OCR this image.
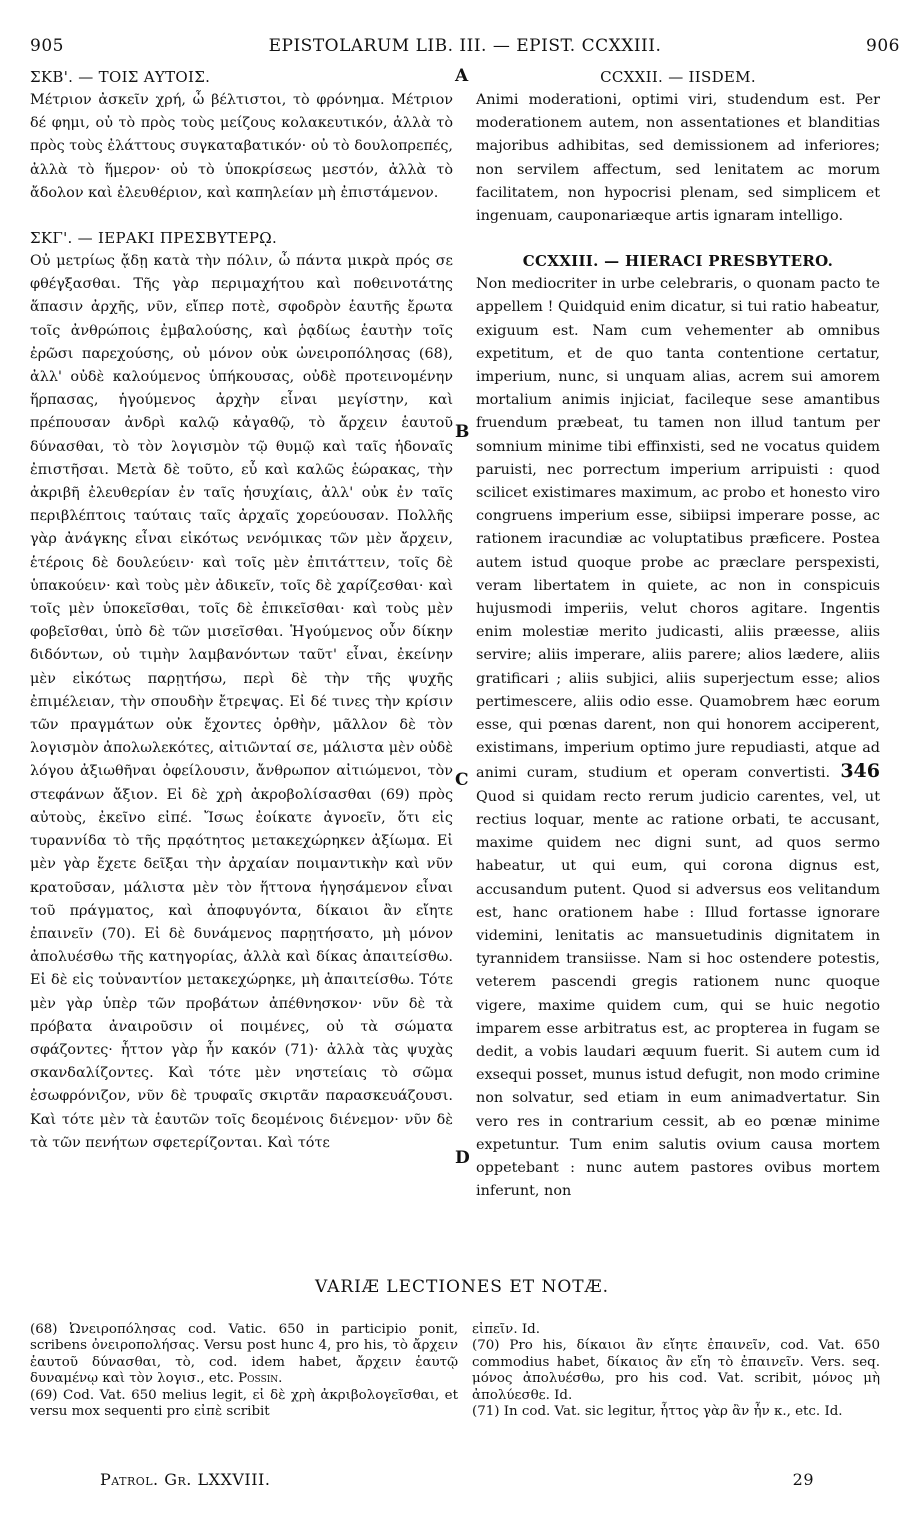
905	EPISTOLARUM LIB. III. — EPIST. CCXXIII.	906

ΣΚΒ'. — ΤΟΙΣ ΑΥΤΟΙΣ.

Μέτριον ἀσκεῖν χρή, ὦ βέλτιστοι, τὸ φρόνημα. Μέτριον δέ φημι, οὐ τὸ πρὸς τοὺς μείζους κολακευτικόν, ἀλλὰ τὸ πρὸς τοὺς ἐλάττους συγκαταβατικόν· οὐ τὸ δουλοπρεπές, ἀλλὰ τὸ ἥμερον· οὐ τὸ ὑποκρίσεως μεστόν, ἀλλὰ τὸ ἄδολον καὶ ἐλευθέριον, καὶ καπηλείαν μὴ ἐπιστάμενον.

ΣΚΓ'. — ΙΕΡΑΚΙ ΠΡΕΣΒΥΤΕΡῼ.

Οὐ μετρίως ᾄδῃ κατὰ τὴν πόλιν, ὦ πάντα μικρὰ πρός σε φθέγξασθαι. Τῆς γὰρ περιμαχήτου καὶ ποθεινοτάτης ἅπασιν ἀρχῆς, νῦν, εἴπερ ποτὲ, σφοδρὸν ἑαυτῆς ἔρωτα τοῖς ἀνθρώποις ἐμβαλούσης, καὶ ῥᾳδίως ἑαυτὴν τοῖς ἐρῶσι παρεχούσης, οὐ μόνον οὐκ ὠνειροπόλησας (68), ἀλλ' οὐδὲ καλούμενος ὑπήκουσας, οὐδὲ προτεινομένην ἥρπασας, ἡγούμενος ἀρχὴν εἶναι μεγίστην, καὶ πρέπουσαν ἀνδρὶ καλῷ κἀγαθῷ, τὸ ἄρχειν ἑαυτοῦ δύνασθαι, τὸ τὸν λογισμὸν τῷ θυμῷ καὶ ταῖς ἡδοναῖς ἐπιστῆσαι. Μετὰ δὲ τοῦτο, εὖ καὶ καλῶς ἑώρακας, τὴν ἀκριβῆ ἐλευθερίαν ἐν ταῖς ἡσυχίαις, ἀλλ' οὐκ ἐν ταῖς περιβλέπτοις ταύταις ταῖς ἀρχαῖς χορεύουσαν. Πολλῆς γὰρ ἀνάγκης εἶναι εἰκότως νενόμικας τῶν μὲν ἄρχειν, ἑτέροις δὲ δουλεύειν· καὶ τοῖς μὲν ἐπιτάττειν, τοῖς δὲ ὑπακούειν· καὶ τοὺς μὲν ἀδικεῖν, τοῖς δὲ χαρίζεσθαι· καὶ τοῖς μὲν ὑποκεῖσθαι, τοῖς δὲ ἐπικεῖσθαι· καὶ τοὺς μὲν φοβεῖσθαι, ὑπὸ δὲ τῶν μισεῖσθαι. Ἡγούμενος οὖν δίκην διδόντων, οὐ τιμὴν λαμβανόντων ταῦτ' εἶναι, ἐκείνην μὲν εἰκότως παρῃτήσω, περὶ δὲ τὴν τῆς ψυχῆς ἐπιμέλειαν, τὴν σπουδὴν ἔτρεψας. Εἰ δέ τινες τὴν κρίσιν τῶν πραγμάτων οὐκ ἔχοντες ὀρθὴν, μᾶλλον δὲ τὸν λογισμὸν ἀπολωλεκότες, αἰτιῶνταί σε, μάλιστα μὲν οὐδὲ λόγου ἀξιωθῆναι ὀφείλουσιν, ἄνθρωπον αἰτιώμενοι, τὸν στεφάνων ἄξιον. Εἰ δὲ χρὴ ἀκροβολίσασθαι (69) πρὸς αὐτοὺς, ἐκεῖνο εἰπέ. Ἴσως ἐοίκατε ἀγνοεῖν, ὅτι εἰς τυραννίδα τὸ τῆς πρᾳότητος μετακεχώρηκεν ἀξίωμα. Εἰ μὲν γὰρ ἔχετε δεῖξαι τὴν ἀρχαίαν ποιμαντικὴν καὶ νῦν κρατοῦσαν, μάλιστα μὲν τὸν ἥττονα ἡγησάμενον εἶναι τοῦ πράγματος, καὶ ἀποφυγόντα, δίκαιοι ἂν εἴητε ἐπαινεῖν (70). Εἰ δὲ δυνάμενος παρῃτήσατο, μὴ μόνον ἀπολυέσθω τῆς κατηγορίας, ἀλλὰ καὶ δίκας ἀπαιτείσθω. Εἰ δὲ εἰς τοὐναντίον μετακεχώρηκε, μὴ ἀπαιτείσθω. Τότε μὲν γὰρ ὑπὲρ τῶν προβάτων ἀπέθνησκον· νῦν δὲ τὰ πρόβατα ἀναιροῦσιν οἱ ποιμένες, οὐ τὰ σώματα σφάζοντες· ἧττον γὰρ ἦν κακόν (71)· ἀλλὰ τὰς ψυχὰς σκανδαλίζοντες. Καὶ τότε μὲν νηστείαις τὸ σῶμα ἐσωφρόνιζον, νῦν δὲ τρυφαῖς σκιρτᾶν παρασκευάζουσι. Καὶ τότε μὲν τὰ ἑαυτῶν τοῖς δεομένοις διένεμον· νῦν δὲ τὰ τῶν πενήτων σφετερίζονται. Καὶ τότε

A
B
C
D

CCXXII. — IISDEM.

Animi moderationi, optimi viri, studendum est. Per moderationem autem, non assentationes et blanditias majoribus adhibitas, sed demissionem ad inferiores; non servilem affectum, sed lenitatem ac morum facilitatem, non hypocrisi plenam, sed simplicem et ingenuam, cauponariæque artis ignaram intelligo.

CCXXIII. — HIERACI PRESBYTERO.

Non mediocriter in urbe celebraris, o quonam pacto te appellem ! Quidquid enim dicatur, si tui ratio habeatur, exiguum est. Nam cum vehementer ab omnibus expetitum, et de quo tanta contentione certatur, imperium, nunc, si unquam alias, acrem sui amorem mortalium animis injiciat, facileque sese amantibus fruendum præbeat, tu tamen non illud tantum per somnium minime tibi effinxisti, sed ne vocatus quidem paruisti, nec porrectum imperium arripuisti : quod scilicet existimares maximum, ac probo et honesto viro congruens imperium esse, sibiipsi imperare posse, ac rationem iracundiæ ac voluptatibus præficere. Postea autem istud quoque probe ac præclare perspexisti, veram libertatem in quiete, ac non in conspicuis hujusmodi imperiis, velut choros agitare. Ingentis enim molestiæ merito judicasti, aliis præesse, aliis servire; aliis imperare, aliis parere; alios lædere, aliis gratificari ; aliis subjici, aliis superjectum esse; alios pertimescere, aliis odio esse. Quamobrem hæc eorum esse, qui pœnas darent, non qui honorem acciperent, existimans, imperium optimo jure repudiasti, atque ad animi curam, studium et operam convertisti. 346 Quod si quidam recto rerum judicio carentes, vel, ut rectius loquar, mente ac ratione orbati, te accusant, maxime quidem nec digni sunt, ad quos sermo habeatur, ut qui eum, qui corona dignus est, accusandum putent. Quod si adversus eos velitandum est, hanc orationem habe : Illud fortasse ignorare videmini, lenitatis ac mansuetudinis dignitatem in tyrannidem transiisse. Nam si hoc ostendere potestis, veterem pascendi gregis rationem nunc quoque vigere, maxime quidem cum, qui se huic negotio imparem esse arbitratus est, ac propterea in fugam se dedit, a vobis laudari æquum fuerit. Si autem cum id exsequi posset, munus istud defugit, non modo crimine non solvatur, sed etiam in eum animadvertatur. Sin vero res in contrarium cessit, ab eo pœnæ minime expetuntur. Tum enim salutis ovium causa mortem oppetebant : nunc autem pastores ovibus mortem inferunt, non

VARIÆ LECTIONES ET NOTÆ.

(68) Ὠνειροπόλησας cod. Vatic. 650 in participio ponit, scribens ὀνειροπολήσας. Versu post hunc 4, pro his, τὸ ἄρχειν ἑαυτοῦ δύνασθαι, τὸ, cod. idem habet, ἄρχειν ἑαυτῷ δυναμένῳ καὶ τὸν λογισ., etc. Possin.

(69) Cod. Vat. 650 melius legit, εἰ δὲ χρὴ ἀκριβολογεῖσθαι, et versu mox sequenti pro εἰπὲ scribit

εἰπεῖν. Id.

(70) Pro his, δίκαιοι ἂν εἴητε ἐπαινεῖν, cod. Vat. 650 commodius habet, δίκαιος ἂν εἴη τὸ ἐπαινεῖν. Vers. seq. μόνος ἀπολυέσθω, pro his cod. Vat. scribit, μόνος μὴ ἀπολύεσθε. Id.

(71) In cod. Vat. sic legitur, ἧττος γὰρ ἂν ἦν κ., etc. Id.

Patrol. Gr. LXXVIII.	29
